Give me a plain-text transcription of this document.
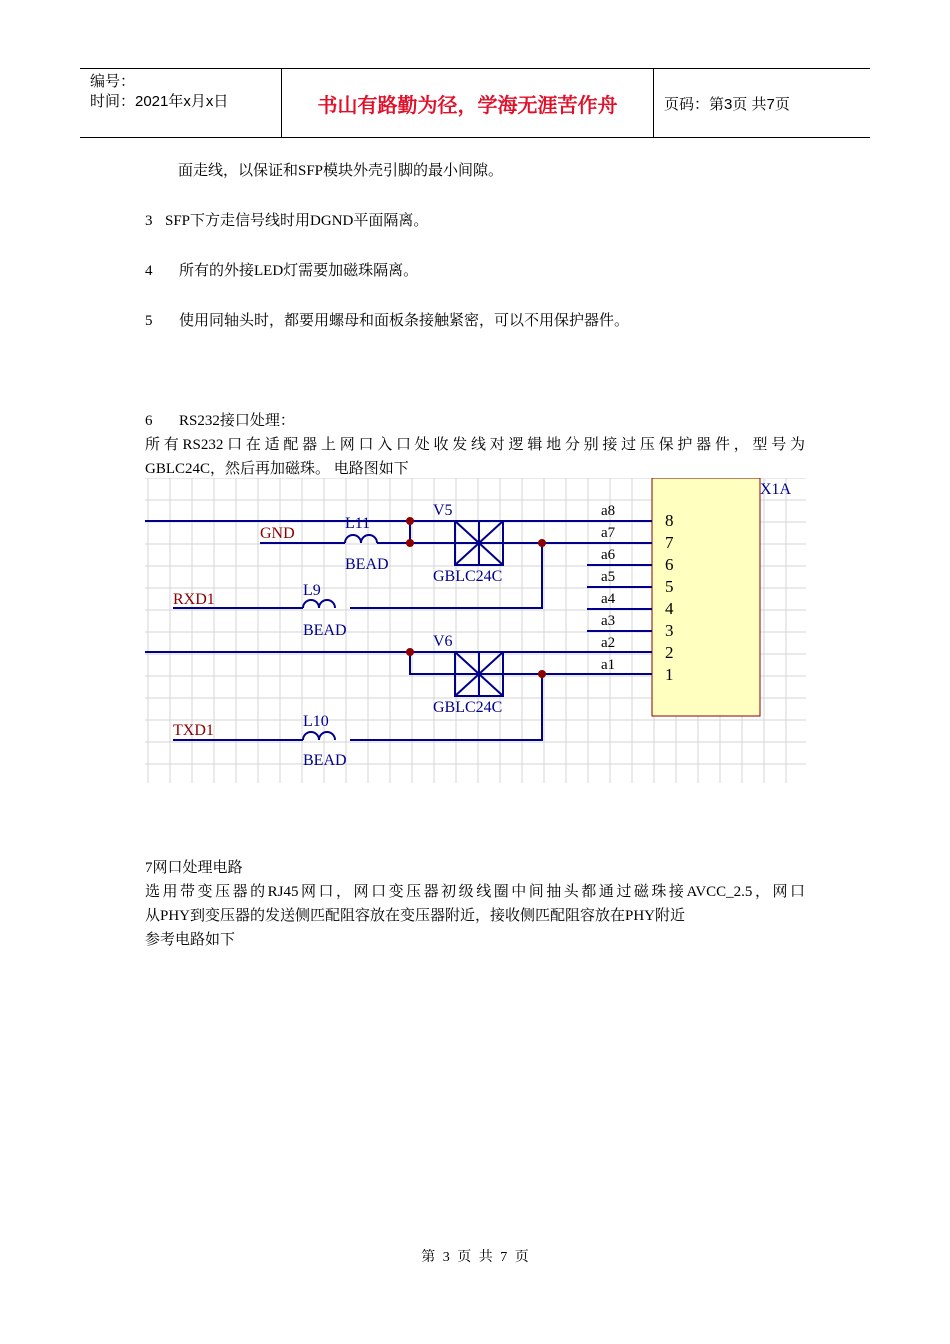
编号：
时间：2021年x月x日	书山有路勤为径，学海无涯苦作舟	页码：第3页 共7页
面走线，以保证和SFP模块外壳引脚的最小间隙。
3 SFP下方走信号线时用DGND平面隔离。
4 所有的外接LED灯需要加磁珠隔离。
5 使用同轴头时，都要用螺母和面板条接触紧密，可以不用保护器件。
6 RS232接口处理：
所有RS232口在适配器上网口入口处收发线对逻辑地分别接过压保护器件，型号为
GBLC24C，然后再加磁珠。 电路图如下
GND
RXD1
TXD1
L11
BEAD
V5
GBLC24C
L9
BEAD
V6
GBLC24C
L10
BEAD
X1A
a8	8
a7	7
a6	6
a5	5
a4	4
a3	3
a2	2
a1	1
7网口处理电路
选用带变压器的RJ45网口，网口变压器初级线圈中间抽头都通过磁珠接AVCC_2.5，网口
从PHY到变压器的发送侧匹配阻容放在变压器附近，接收侧匹配阻容放在PHY附近
参考电路如下
第 3 页 共 7 页
